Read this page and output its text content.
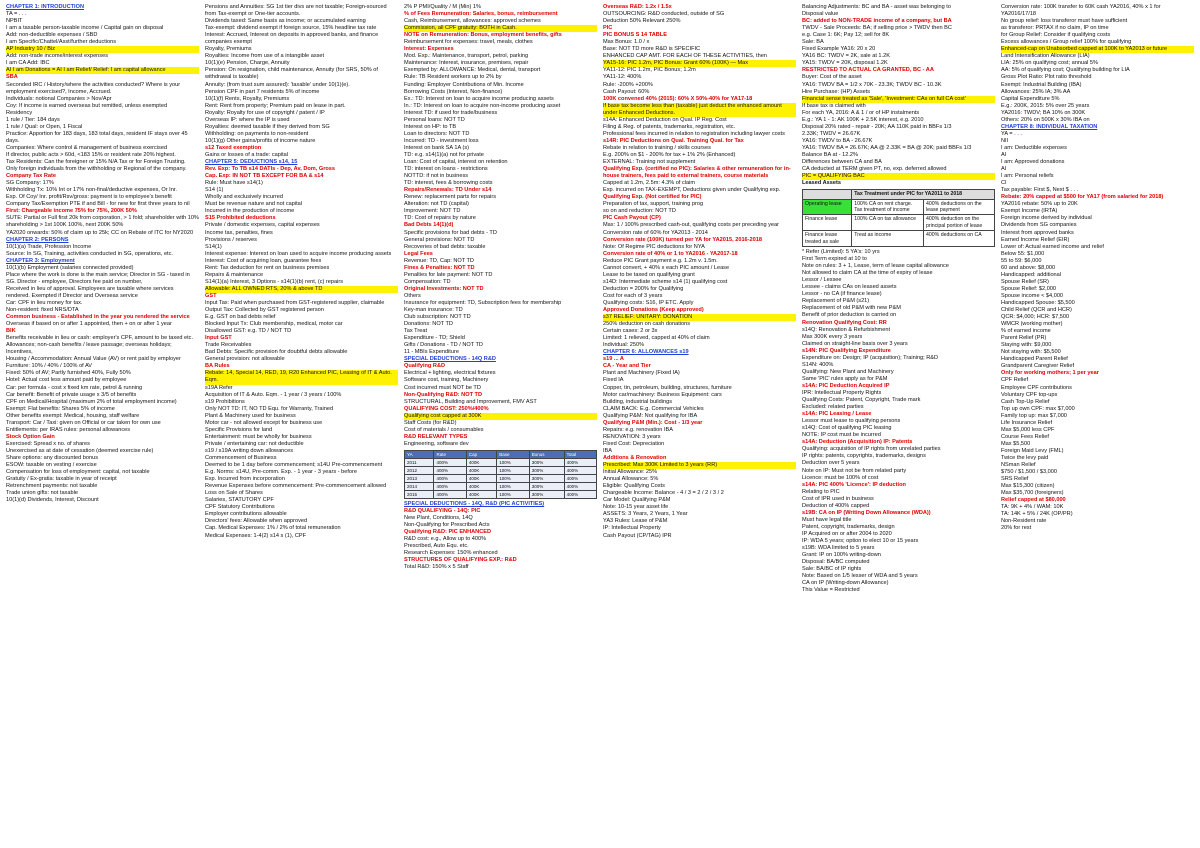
CHAPTER 1: INTRODUCTION

TA = . . .

NPBIT

I am a taxable person-taxable income / Capital gain on disposal

Add: non-deductible expenses / SBD

I am Specific/Chattel/Asst/further deductions

AP Industry 10 / Biz

Add: non-trade income/interest expenses

I am CA Add: IBC

AI I am Donations = AI I am Relief/ Relief: I am capital allowance

SBA

Seconded IRC / History/where the activities conducted? Where is your employment exercised?, Income, Accrued.

Individuals: notional Companies > Nov/Apr

Coy: If income is earned overseas but remitted, unless exempted

Residency

1 rule / Tier: 184 days

1 rule / Qual: or Open, 1 Fiscal

Practice: Apportion for 183 days, 183 total days, resident IF stays over 45 days.

Companies: Where control & management of business exercised

If director, public acts > 60d, <183 15% or resident rate 20% highest.

Tax Residents: Can the foreigner or 15% N/A Tax or for Foreign Trusting.

Only foreign individuals from the withholding or Regional of the company.

Company Tax Rate

SG Company: 17%

Withholding Tx: 10% Int or 17% non-final/deductive expenses, Or Inr.

Exp. Of Coy/ Inr. profit/Rsv/gross: payment is to employee's benefit

Company Tax/Exemption PTE if and Bill - for new for first three years to nil

First: Chargeable income 75% for 75%, 200K 50%

SUTE: Partial or Full first 20k from corporation, > 1 fold; shareholder with 10% shareholding > 1st 100K 100%, next 200K 50%

YA2020 onwards: 50% of claim up to 25k; CC on Rebate of ITC for NY2020

CHAPTER 2: PERSONS

10(1)(a) Trade, Profession Income

Source: In SG, Training, activities conducted in SG, operations, etc.

CHAPTER 3: Employment

10(1)(b) Employment (salaries connected provided)

Place where the work is done is the main service; Director in SG - taxed in SG. Director - employee, Directors fee paid on number,

Received in lieu of approval. Employees are taxable where services rendered. Exempted if Director and Overseas service

Car: CPF in lieu money for tax.

Non-resident: fixed NRS/DTA

Common business - Established in the year you rendered the service

Overseas if based on or after 1 appointed, then + on or after 1 year

BIK

Benefits receivable in lieu or cash: employer's CPF, amount to be taxed etc.

Allowances; non-cash benefits / leave passage; overseas holidays; Incentives,

Housing / Accommodation: Annual Value (AV) or rent paid by employer

Furniture: 10% / 40% / 100% of AV

Fixed: 50% of AV; Partly furnished 40%, Fully 50%

Hotel: Actual cost less amount paid by employee

Car: per formula - cost x fixed km rate, petrol & running

Car benefit: Benefit of private usage x 3/5 of benefits

CPF on Medical/Hospital (maximum 2% of total employment income)

Exempt: Flat benefits: Shares 5% of income

Other benefits exempt: Medical, housing, staff welfare

Transport: Car / Taxi: given on Official or car taken for own use

Entitlements: per IRAS rules: personal allowances

Stock Option Gain

Exercised: Spread x no. of shares

Unexercised as at date of cessation (deemed exercise rule)

Share options: any discounted bonus

ESOW: taxable on vesting / exercise

Compensation for loss of employment: capital, not taxable

Gratuity / Ex-gratia: taxable in year of receipt

Retrenchment payments: not taxable

Trade union gifts: not taxable

10(1)(d) Dividends, Interest, Discount

Pensions and Annuities: SG 1st tier divs are not taxable; Foreign-sourced from Tax-exempt or One-tier accounts.

Dividends taxed: Same basis as income; or accumulated earning

Tax-exempt: dividend exempt if foreign source, 15% headline tax rate

Interest: Accrued, Interest on deposits in approved banks, and finance companies exempt

Royalty, Premiums

Royalties: Income from use of a intangible asset

10(1)(e) Pension, Charge, Annuity

Pension: On resignation, child maintenance, Annuity (for SRS, 50% of withdrawal is taxable)

Annuity: (from trust sum assured): 'taxable' under 10(1)(e).

Pension CPF in part 7 residents 5% of income

10(1)(f) Rents, Royalty, Premiums

Rent: Rent from property; Premium paid on lease in part.

Royalty: Royalty for use of copyright / patent / IP

Overseas IP: where the IP is used

Royalties: deemed taxable if they derived from SG

Withholding: on payments to non-resident

10(1)(g) Other gains/profits of income nature

s12 Taxed exemption

Gains or losses of a trade: capital

CHAPTER 5: DEDUCTIONS s14, 15

Rev. Exp: To TB s14 DATIs - Dep, Av, Dom, Gross

Cap. Exp: IN NOT TB EXCEPT FOR BA & s14

Rule: Must have s14(1)

S14 (1)

Wholly and exclusively incurred

Must be revenue nature and not capital

Incurred in the production of income

S15 Prohibited deductions

Private / domestic expenses, capital expenses

Income tax, penalties, fines

Provisions / reserves

S14(1)

Interest expense: Interest on loan used to acquire income producing assets

Interest: Cost of acquiring loan, guarantee fees

Rent: Tax deduction for rent on business premises

Repairs & maintenance

S14(1)(a) Interest, 3 Options - s14(1)(b) rent, (c) repairs

Allowable: ALL OWNED RTS, 20% & above TD

GST

Input Tax: Paid when purchased from GST-registered supplier, claimable

Output Tax: Collected by GST registered person

E.g. GST on bad debts relief

Blocked Input Tx: Club membership, medical, motor car

Disallowed GST: e.g. TD / NOT TD

Input GST

Trade Receivables

Bad Debts: Specific provision for doubtful debts allowable

General provision: not allowable

BA Rules

Rebate: 14, Special 14, RED, 19, R20 Enhanced PIC, Leasing of IT & Auto. Eqm.

s19A Refer

Acquisition of IT & Auto. Eqm. - 1 year / 3 years / 100%

s19 Prohibitions

Only NOT TD: IT, NO TD Equ. for Warranty, Trained

Plant & Machinery used for business

Motor car - not allowed except for business use

Specific Provisions for land

Entertainment: must be wholly for business

Private / entertaining car: not deductible

s19 / s19A writing down allowances

Commencement of Business

Deemed to be 1 day before commencement; s14U Pre-commencement

E.g. Norms: s14U, Pre-comm. Exp. - 1 year - 3 years - before

Exp. Incurred from incorporation

Revenue Expenses before commencement: Pre-commencement allowed

Loss on Sale of Shares

Salaries, STATUTORY CPF

CPF Statutory Contributions

Employer contributions allowable

Directors' fees: Allowable when approved

Cap. Medical Expenses: 1% / 2% of total remuneration

Medical Expenses: 1-4(2) s14 s (1), CPF

2% P PMI/Quality / M (Min) 1%

% of Fees Remuneration: Salaries, bonus, reimbursement

Cash, Reimbursement, allowances: approved schemes

Commission, all CPF gratuity: BOTH in Cash.

NOTE on Remuneration: Bonus, employment benefits, gifts

Reimbursement for expenses: travel, meals, clothes

Interest: Expenses

Mod. Exp.: Maintenance, transport, petrol, parking

Maintenance: Interest, insurance, premises, repair

Exempted by: ALLOWANCE: Medical, dental, transport

Rule: TB Resident workers up to 2% by

Funding: Employer Contributions of Min. Income

Borrowing Costs (Interest, Non-finance)

Ex.: TD: Interest on loan to acquire income producing assets

In.: TD: Interest on loan to acquire non-income producing asset

Interest TD: if used for trade/business

Personal loans: NOT TD

Interest on HP: to TB

Loan to directors: NOT TD

Incurred: TD - investment loss

Interest on bank SA 1A (s)

TD: e.g. s14(1)(a) not for private

Loan: Cost of capital, interest on retention

TD: interest on loans - restrictions

NOTTD: if not in business

TD: interest, fees & borrowing costs

Repairs/Renewals: TD Under s14

Renew: replacement parts for repairs

Alteration: not TD (capital)

Improvement: NOT TD

TD: Cost of repairs by nature

Bad Debts 14(1)(d)

Specific provisions for bad debts - TD

General provisions: NOT TD

Recoveries of bad debts: taxable

Legal Fees

Revenue: TD, Cap: NOT TD

Fines & Penalties: NOT TD

Penalties for late payment: NOT TD

Compensation: TD

Original Investments: NOT TD

Others

Insurance for equipment: TD, Subscription fees for membership

Key-man insurance: TD

Club subscription: NOT TD

Donations: NOT TD

Tax Treat

Expenditure - TD; Shield

Gifts / Donations - TD / NOT TD

11 - MBIs Expenditure

SPECIAL DEDUCTIONS - 14Q R&D

Qualifying R&D

Electrical + lighting, electrical fixtures

Software cost, training, Machinery

Cost incurred must NOT be TD

Non-Qualifying R&D: NOT TD

STRUCTURAL, Building and Improvement, FMV AST

QUALIFYING COST: 250%/400%

Qualifying cost capped at 300K

Staff Costs (for R&D)

Cost of materials / consumables

R&D RELEVANT TYPES

Engineering, software dev

YA	Rate	Cap	Base	Bonus	Total
2011	400%	400K	100%	300%	400%
2012	400%	400K	100%	300%	400%
2013	400%	400K	100%	300%	400%
2014	400%	400K	100%	300%	400%
2015	400%	400K	100%	300%	400%

SPECIAL DEDUCTIONS - 14Q, R&D (PIC ACTIVITIES)

R&D QUALIFYING - 14Q: PIC

New Plant, Conditions, 14Q

Non-Qualifying for Prescribed Acts

Qualifying R&D: PIC ENHANCED

R&D cost: e.g., Allow up to 400%

Prescribed, Auto Equ. etc.

Research Expenses: 150% enhanced

STRUCTURES OF QUALIFYING EXP.: R&D

Total R&D: 150% x 5 Staff

Overseas R&D: 1.2x / 1.5x

OUTSOURCING: R&D conducted, outside of SG

Deduction 50% Relevant 250%

PIC

PIC BONUS S 14 TABLE

Max Bonus: 1.0 / x

Base: NOT TD more R&D is SPECIFIC

ENHANCED CAP AMT. FOR EACH OF THESE ACTIVITIES, then

YA15-16: PIC 1.2m, PIC Bonus: Grant 60% (100K) — Max

YA11-12: PIC 1.2m, PIC Bonus; 1.2m

YA11-12: 400%

Rule: -200% +200%

Cash Payout: 60%

100K convened 40% (2015): 60% X 50%-40% for YA17-18

If base tax become less than (taxable) just deduct the enhanced amount under Enhanced Deductions.

s14A: Enhanced Deduction on Qual. IP Reg. Cost

Filing & Reg. of patents, trademarks, registration, etc.

Professional fees incurred in relation to registration including lawyer costs

s14R: PIC Deductions on Qual. Training Qual. for Tax

Rebate in relation to training / skills courses

E.g. 200% on $1 - 200% for tax + 1% 2% (Enhanced)

EXTERNAL: Training not supplement

Qualifying Exp. (certified no PIC): Salaries & other remuneration for in-house trainers, fees paid to external trainers, course materials

Capped at 1.2m, 2.5m: 4.3% of claim

Exp. incurred on TAX-EXEMPT, Deductions given under Qualifying exp.

Qualifying Exp. (Not certified for PIC)

Preparation of tax, support, training prog

so on and reduction: NOT TD

PIC Cash Payout (CP)

Max: 1 / 100% prescribed cash-out, qualifying costs per preceding year

Conversion rate of 60% for YA2013 - 2014

Conversion rate (100K) turned per YA for YA2015, 2016-2018

Note: Of Regime PIC deductions for NYA

Conversion rate of 40% or 1 to YA2016 - YA2017-18

Reduce PIC Grant payment e.g. 1.2m v. 1.5m.

Cannot convert, + 40% x each PIC amount / Lease

Lease to be taxed on qualifying grant

s14D: Intermediate scheme s14 (1) qualifying cost

Deduction = 200% for Qualifying

Cost for each of 3 years

Qualifying costs: S16, IP ETC. Apply

Approved Donations (Keep approved)

s37 RELIEF: UNITARY: DONATION

250% deduction on cash donations

Certain cases: 2 or 3x

Limited: 1 relieved, capped at 40% of claim

Individual: 250%

CHAPTER 6: ALLOWANCES s19

s19 ... A

CA - Year and Tier

Plant and Machinery (Fixed IA)

Fixed IA

Copper, tin, petroleum, building, structures, furniture

Motor car/machinery: Business Equipment: cars

Building, industrial buildings

CLAIM BACK: E.g. Commercial Vehicles

Qualifying P&M: Not qualifying for IBA

Qualifying P&M (Min.): Cost - 1/3 year

Repairs: e.g. renovation IBA

RENOVATION: 3 years

Fixed Cost: Depreciation

IBA

Additions & Renovation

Prescribed: Max 300K Limited to 3 years (RR)

Initial Allowance: 25%

Annual Allowance: 5%

Eligible: Qualifying Costs

Chargeable Income: Balance - 4 / 3 = 2 / 2 / 3 / 2

Car Model: Qualifying P&M

Note: 10-15 year asset life

ASSETS: 3 Years, 2 Years, 1 Year

YA3 Rules: Lease of P&M

IP: Intellectual Property

Cash Payout (CP/TAG) IPR

Balancing Adjustments: BC and BA - asset was belonging to

Disposal value

BC: added to NON-TRADE income of a company, but BA

TWDV - Sale Proceeds: BA; if selling price > TWDV then BC

e.g. Case 1: 6K; Pay 12; sell for 8K

Sale: BA

Fixed Example YA16: 20 x 20

YA16 BC: TWDV = 2K, sale at 1.2K

YA15: TWDV = 20K, disposal 1.2K

RESTRICTED TO ACTUAL CA GRANTED, BC - AA

Buyer: Cost of the asset

YA16: TWDV BA = 1/2 x 70K - 23.3K; TWDV BC - 10.3K

Hire Purchase: (HP) Assets

Financial sense treated as 'Sale', 'Investment: CAs on full CA cost'

If base tax is claimed with

For each YA, 2016: A & 1 / or of HP instalments

E.g.: YA 1 - 1: AK 100K + 2.5K interest, e.g. 2010

Disposal 20% rated - repair - 20K; AA 110K paid in BBFs 1/3

2.33K; TWDV = 26.67K

YA16: TWDV to BA - 26.67K

YA16: TWDV BA = 26.67K; AA @ 2.33K = BA @ 20K; paid BBFs 1/3

Balance BA at - 12.2%

Differences between CA and BA

CA deducted at TERM given PT, no, exp. deferred allowed

PIC = QUALIFYING BAC

Leased Assets

	Tax Treatment under PIC for YA2011 to 2018	
Operating lease	100% CA on rent charge. Tax treatment of income	400% deductions on the lease payment
Finance lease	100% CA on tax allowance	400% deduction on the principal portion of lease
Finance lease treated as sale	Treat as income	400% deductions on CA

* Refer (Limited): 5 YA's: 10 yrs

First Term expired at 10 to

Note on rules: 3 + 1, Lease, term of lease capital allowance

Not allowed to claim CA at the time of expiry of lease

Lessor / Lessee

Lessee - claims CAs on leased assets

Lessor - no CA (if finance lease)

Replacement of P&M (s21)

Replacement of old P&M with new P&M

Benefit of prior deduction is carried on

Renovation Qualifying Cost: RR

s14Q: Renovation & Refurbishment

Max 300K every 3 years

Claimed on straight-line basis over 3 years

s14N: PIC Qualifying Expenditure

Expenditure on: Design; IP (acquisition); Training; R&D

S14N: 400%

Qualifying: New Plant and Machinery

Same 'PIC' rules apply as for P&M

s14A: PIC Deduction Acquired IP

IPR: Intellectual Property Rights

Qualifying Costs: Patent, Copyright, Trade mark

Excluded: related parties

s14A: PIC Leasing / Lease

Lessor must lease to qualifying persons

s14Q: Cost of qualifying PIC leasing

NOTE: IP cost must be incurred

s14A: Deduction (Acquisition) IP: Patents

Qualifying: acquisition of IP rights from unrelated parties

IP rights: patents, copyrights, trademarks, designs

Deduction over 5 years

Note on IP: Must not be from related party

Licence: must be 100% of cost

s14A: PIC 400% 'Licence': IP deduction

Relating to PIC

Cost of IPR used in business

Deduction of 400% capped

s19B: CA on IP (Writing Down Allowance (WDA))

Must have legal title

Patent, copyright, trademarks, design

IP Acquired on or after 2004 to 2020

IP: WDA 5 years; option to elect 10 or 15 years

s19B: WDA limited to 5 years

Grant: IP on 100% writing-down

Disposal: BA/BC computed

Sale: BA/BC of IP rights

Note: Based on 1/5 lesser of WDA and 5 years

CA on IP (Writing-down Allowance)

This Value = Restricted

Conversion rate: 100K transfer to 60K cash YA2016, 40% x 1 for YA2016/17/18

No group relief: loss transferor must have sufficient

as transferor: PRTAX if no claim, IP on time

for Group Relief: Consider if qualifying costs

Excess allowances / Group relief 100% for qualifying

Enhanced-cap on Unabsorbed capped at 100K to YA2013 or future

Land Intensification Allowance (LIA)

LIA: 25% on qualifying cost; annual 5%

AA: 5% of qualifying cost; Qualifying building for LIA

Gross Plot Ratio: Plot ratio threshold

Exempt: Industrial Building (IBA)

Allowances: 25% IA; 3% AA

Capital Expenditure 5%

E.g.: 200K, 2015: 5% over 25 years

YA2016: TWDV; BA 10% on 300K

Others: 20% on 500K x 30% IBA on

CHAPTER 8: INDIVIDUAL TAXATION

YA = . . .

NII

I am: Deductible expenses

AI

I am: Approved donations

AI

I am: Personal reliefs

CI

Tax payable: First $, Next $ . . .

Rebate: 20% capped at $500 for YA17 (from salaried for 2018)

YA2016 rebate: 50% up to 20K

Exempt Income (IRTA)

Foreign income derived by individual

Dividends from SG companies

Interest from approved banks

Earned Income Relief (EIR)

Lower of: Actual earned income and relief

Below 55: $1,000

55 to 59: $6,000

60 and above: $8,000

Handicapped: additional

Spouse Relief (SR)

Spouse Relief: $2,000

Spouse income < $4,000

Handicapped Spouse: $5,500

Child Relief (QCR and HCR)

QCR: $4,000; HCR: $7,500

WMCR (working mother)

% of earned income

Parent Relief (PR)

Staying with: $9,000

Not staying with: $5,500

Handicapped Parent Relief

Grandparent Caregiver Relief

Only for working mothers; 1 per year

CPF Relief

Employee CPF contributions

Voluntary CPF top-ups

Cash Top-Up Relief

Top up own CPF: max $7,000

Family top up: max $7,000

Life Insurance Relief

Max $5,000 less CPF

Course Fees Relief

Max $5,500

Foreign Maid Levy (FML)

Twice the levy paid

NSman Relief

$750 / $1,500 / $3,000

SRS Relief

Max $15,300 (citizen)

Max $35,700 (foreigners)

Relief capped at $80,000

TA: 9K + 4% / WAM: 10K

TA: 14K + 5% / 24K (OP/PR)

Non-Resident rate

20% for rest
